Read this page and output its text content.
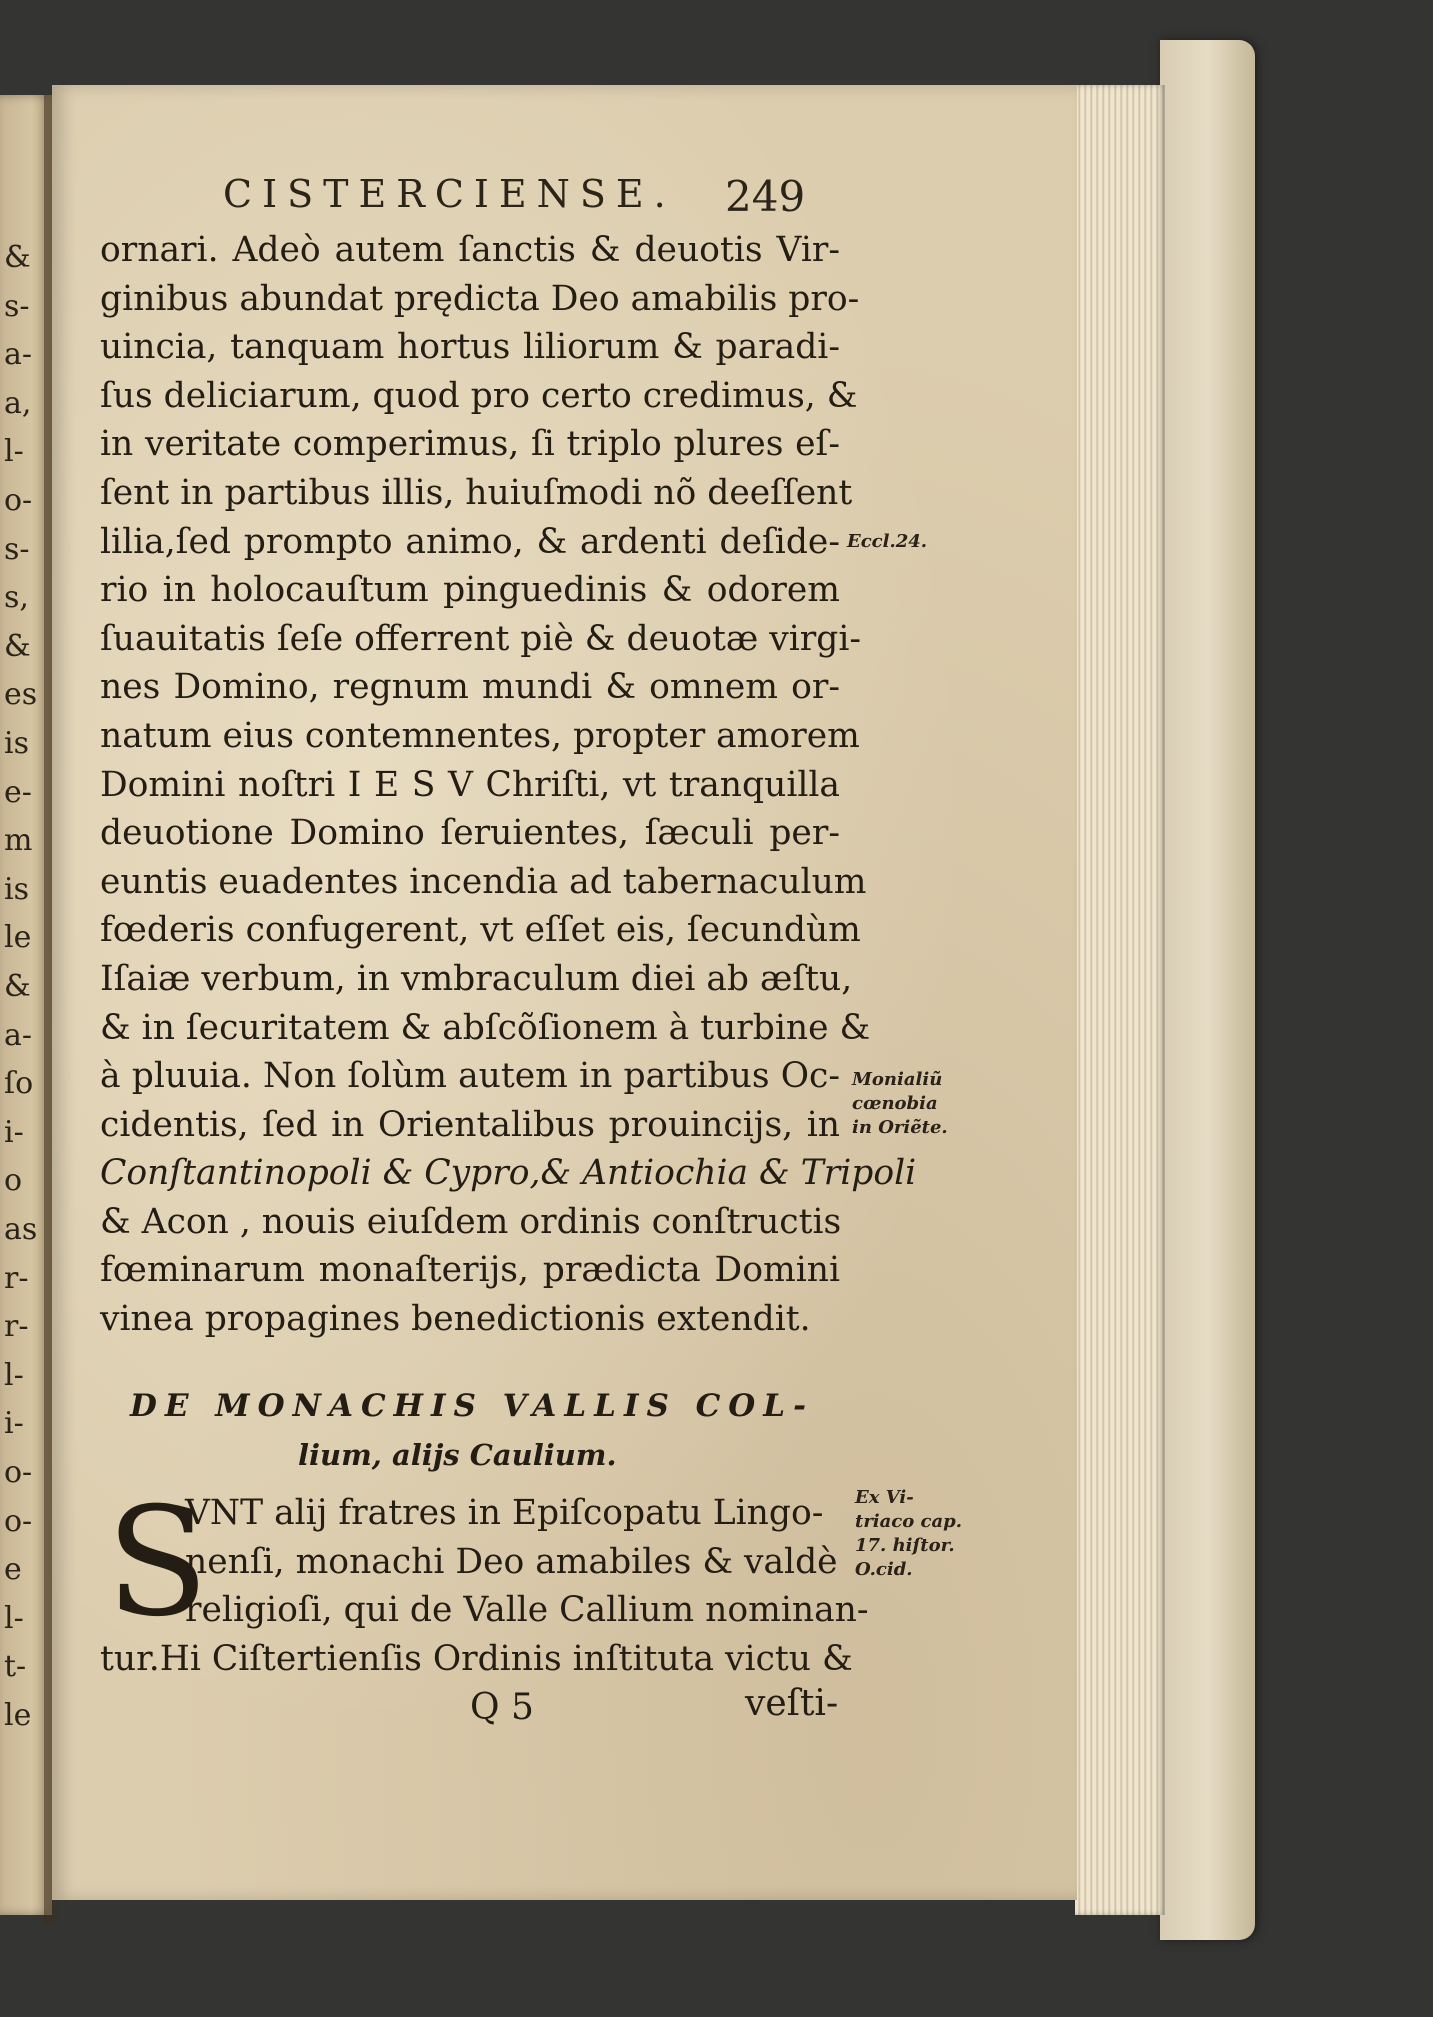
&
s-
a-
a,
l-
o-
s-
s,
&
es
is
e-
m
is
le
&
a-
ſo
i-
o
as
r-
r-
l-
i-
o-
o-
e
l-
t-
le
CISTERCIENSE. 249
ornari. Adeò autem ſanctis & deuotis Vir-
ginibus abundat prędicta Deo amabilis pro-
uincia, tanquam hortus liliorum & paradi-
ſus deliciarum, quod pro certo credimus, &
in veritate comperimus, ſi triplo plures eſ-
ſent in partibus illis, huiuſmodi nõ deeſſent
lilia,ſed prompto animo, & ardenti deſide-
rio in holocauſtum pinguedinis & odorem
ſuauitatis ſeſe offerrent piè & deuotæ virgi-
nes Domino, regnum mundi & omnem or-
natum eius contemnentes, propter amorem
Domini noſtri I E S V Chriſti, vt tranquilla
deuotione Domino ſeruientes, ſæculi per-
euntis euadentes incendia ad tabernaculum
fœderis confugerent, vt eſſet eis, ſecundùm
Iſaiæ verbum, in vmbraculum diei ab æſtu,
& in ſecuritatem & abſcõſionem à turbine &
à pluuia. Non ſolùm autem in partibus Oc-
cidentis, ſed in Orientalibus prouincijs, in
Conſtantinopoli & Cypro,& Antiochia & Tripoli
& Acon , nouis eiuſdem ordinis conſtructis
fœminarum monaſterijs, prædicta Domini
vinea propagines benedictionis extendit.
DE MONACHIS VALLIS COL-
lium, alijs Caulium.
S
VNT alij fratres in Epiſcopatu Lingo-
nenſi, monachi Deo amabiles & valdè
religioſi, qui de Valle Callium nominan-
tur.Hi Ciſtertienſis Ordinis inſtituta victu &
Q 5	veſti-
Eccl.24.
Monialiũ
cœnobia
in Oriẽte.
Ex Vi-
triaco cap.
17. hiſtor.
O.cid.
